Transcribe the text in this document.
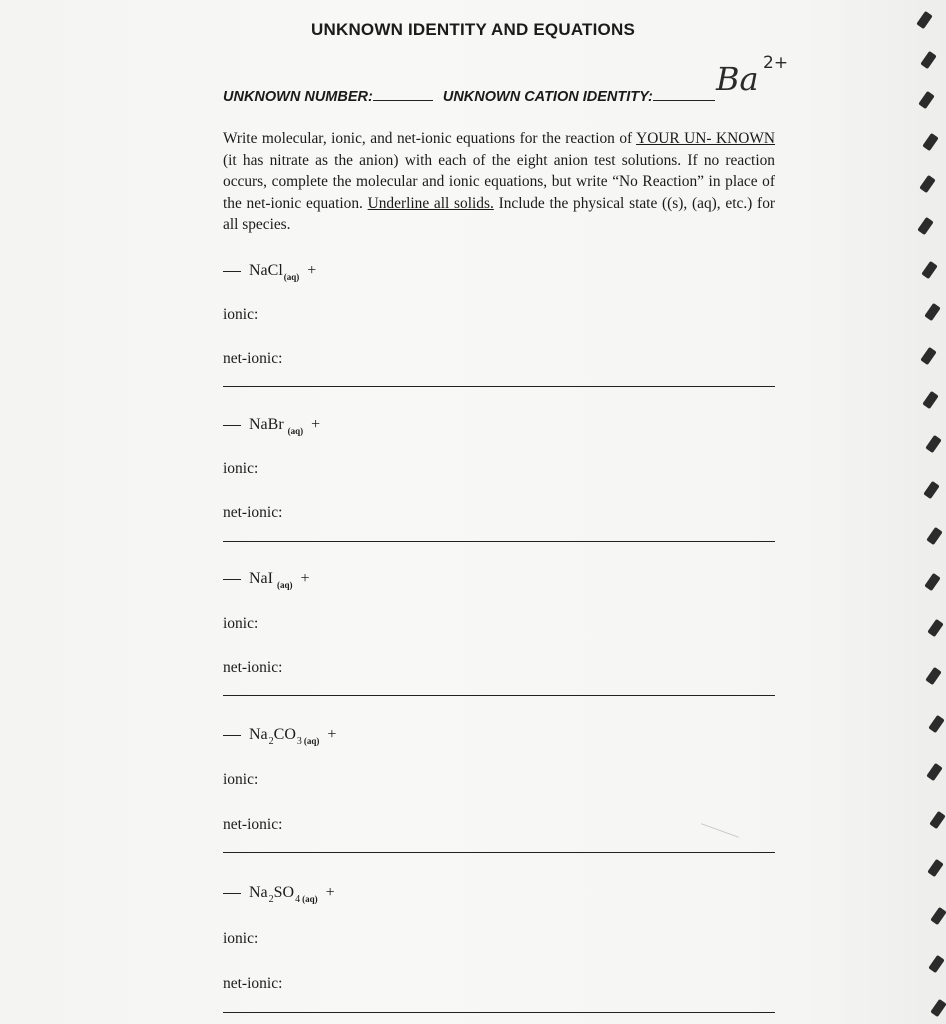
UNKNOWN IDENTITY AND EQUATIONS
UNKNOWN NUMBER:	UNKNOWN CATION IDENTITY:	Ba 2+
Write molecular, ionic, and net-ionic equations for the reaction of YOUR UN- KNOWN (it has nitrate as the anion) with each of the eight anion test solutions. If no reaction occurs, complete the molecular and ionic equations, but write “No Reaction” in place of the net-ionic equation. Underline all solids. Include the physical state ((s), (aq), etc.) for all species.
NaCl$_{(aq)}$ +
ionic:
net-ionic:
NaBr $_{(aq)}$ +
ionic:
net-ionic:
NaI $_{(aq)}$ +
ionic:
net-ionic:
$Na_2CO_3$ $_{(aq)}$ +
ionic:
net-ionic:
$Na_2SO_4$ $_{(aq)}$ +
ionic:
net-ionic:
